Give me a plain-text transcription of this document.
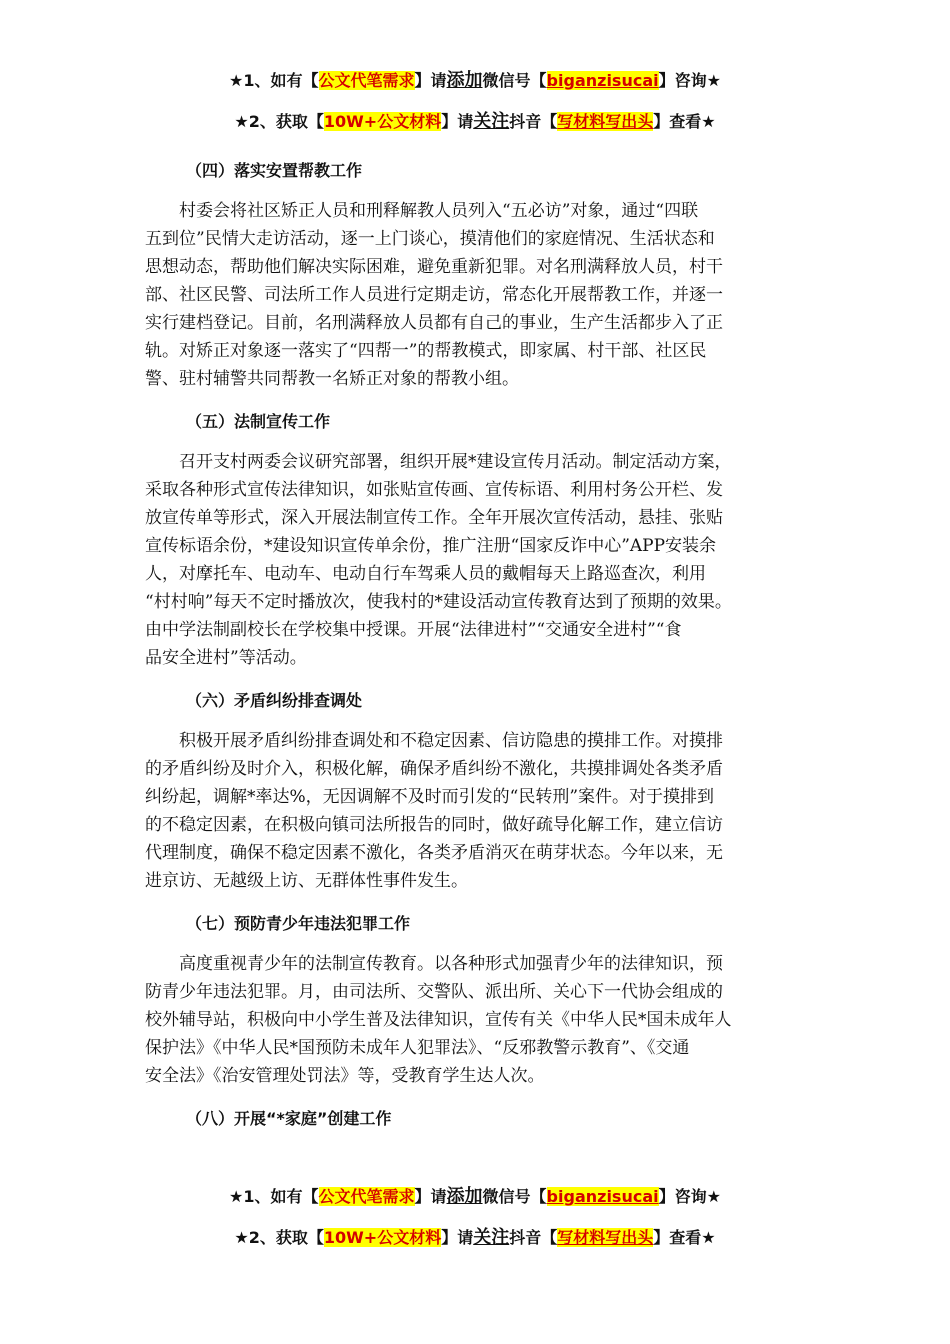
★1、如有【公文代笔需求】请添加微信号【biganzisucai】咨询★
★2、获取【10W+公文材料】请关注抖音【写材料写出头】查看★
（四）落实安置帮教工作
　　村委会将社区矫正人员和刑释解教人员列入“五必访”对象，通过“四联
五到位”民情大走访活动，逐一上门谈心，摸清他们的家庭情况、生活状态和
思想动态，帮助他们解决实际困难，避免重新犯罪。对名刑满释放人员，村干
部、社区民警、司法所工作人员进行定期走访，常态化开展帮教工作，并逐一
实行建档登记。目前，名刑满释放人员都有自己的事业，生产生活都步入了正
轨。对矫正对象逐一落实了“四帮一”的帮教模式，即家属、村干部、社区民
警、驻村辅警共同帮教一名矫正对象的帮教小组。
（五）法制宣传工作
　　召开支村两委会议研究部署，组织开展*建设宣传月活动。制定活动方案，
采取各种形式宣传法律知识，如张贴宣传画、宣传标语、利用村务公开栏、发
放宣传单等形式，深入开展法制宣传工作。全年开展次宣传活动，悬挂、张贴
宣传标语余份，*建设知识宣传单余份，推广注册“国家反诈中心”APP安装余
人，对摩托车、电动车、电动自行车驾乘人员的戴帽每天上路巡查次，利用
“村村响”每天不定时播放次，使我村的*建设活动宣传教育达到了预期的效果。
由中学法制副校长在学校集中授课。开展“法律进村”“交通安全进村”“食
品安全进村”等活动。
（六）矛盾纠纷排查调处
　　积极开展矛盾纠纷排查调处和不稳定因素、信访隐患的摸排工作。对摸排
的矛盾纠纷及时介入，积极化解，确保矛盾纠纷不激化，共摸排调处各类矛盾
纠纷起，调解*率达%，无因调解不及时而引发的“民转刑”案件。对于摸排到
的不稳定因素，在积极向镇司法所报告的同时，做好疏导化解工作，建立信访
代理制度，确保不稳定因素不激化，各类矛盾消灭在萌芽状态。今年以来，无
进京访、无越级上访、无群体性事件发生。
（七）预防青少年违法犯罪工作
　　高度重视青少年的法制宣传教育。以各种形式加强青少年的法律知识，预
防青少年违法犯罪。月，由司法所、交警队、派出所、关心下一代协会组成的
校外辅导站，积极向中小学生普及法律知识，宣传有关《中华人民*国未成年人
保护法》《中华人民*国预防未成年人犯罪法》、“反邪教警示教育”、《交通
安全法》《治安管理处罚法》等，受教育学生达人次。
（八）开展“*家庭”创建工作
★1、如有【公文代笔需求】请添加微信号【biganzisucai】咨询★
★2、获取【10W+公文材料】请关注抖音【写材料写出头】查看★
